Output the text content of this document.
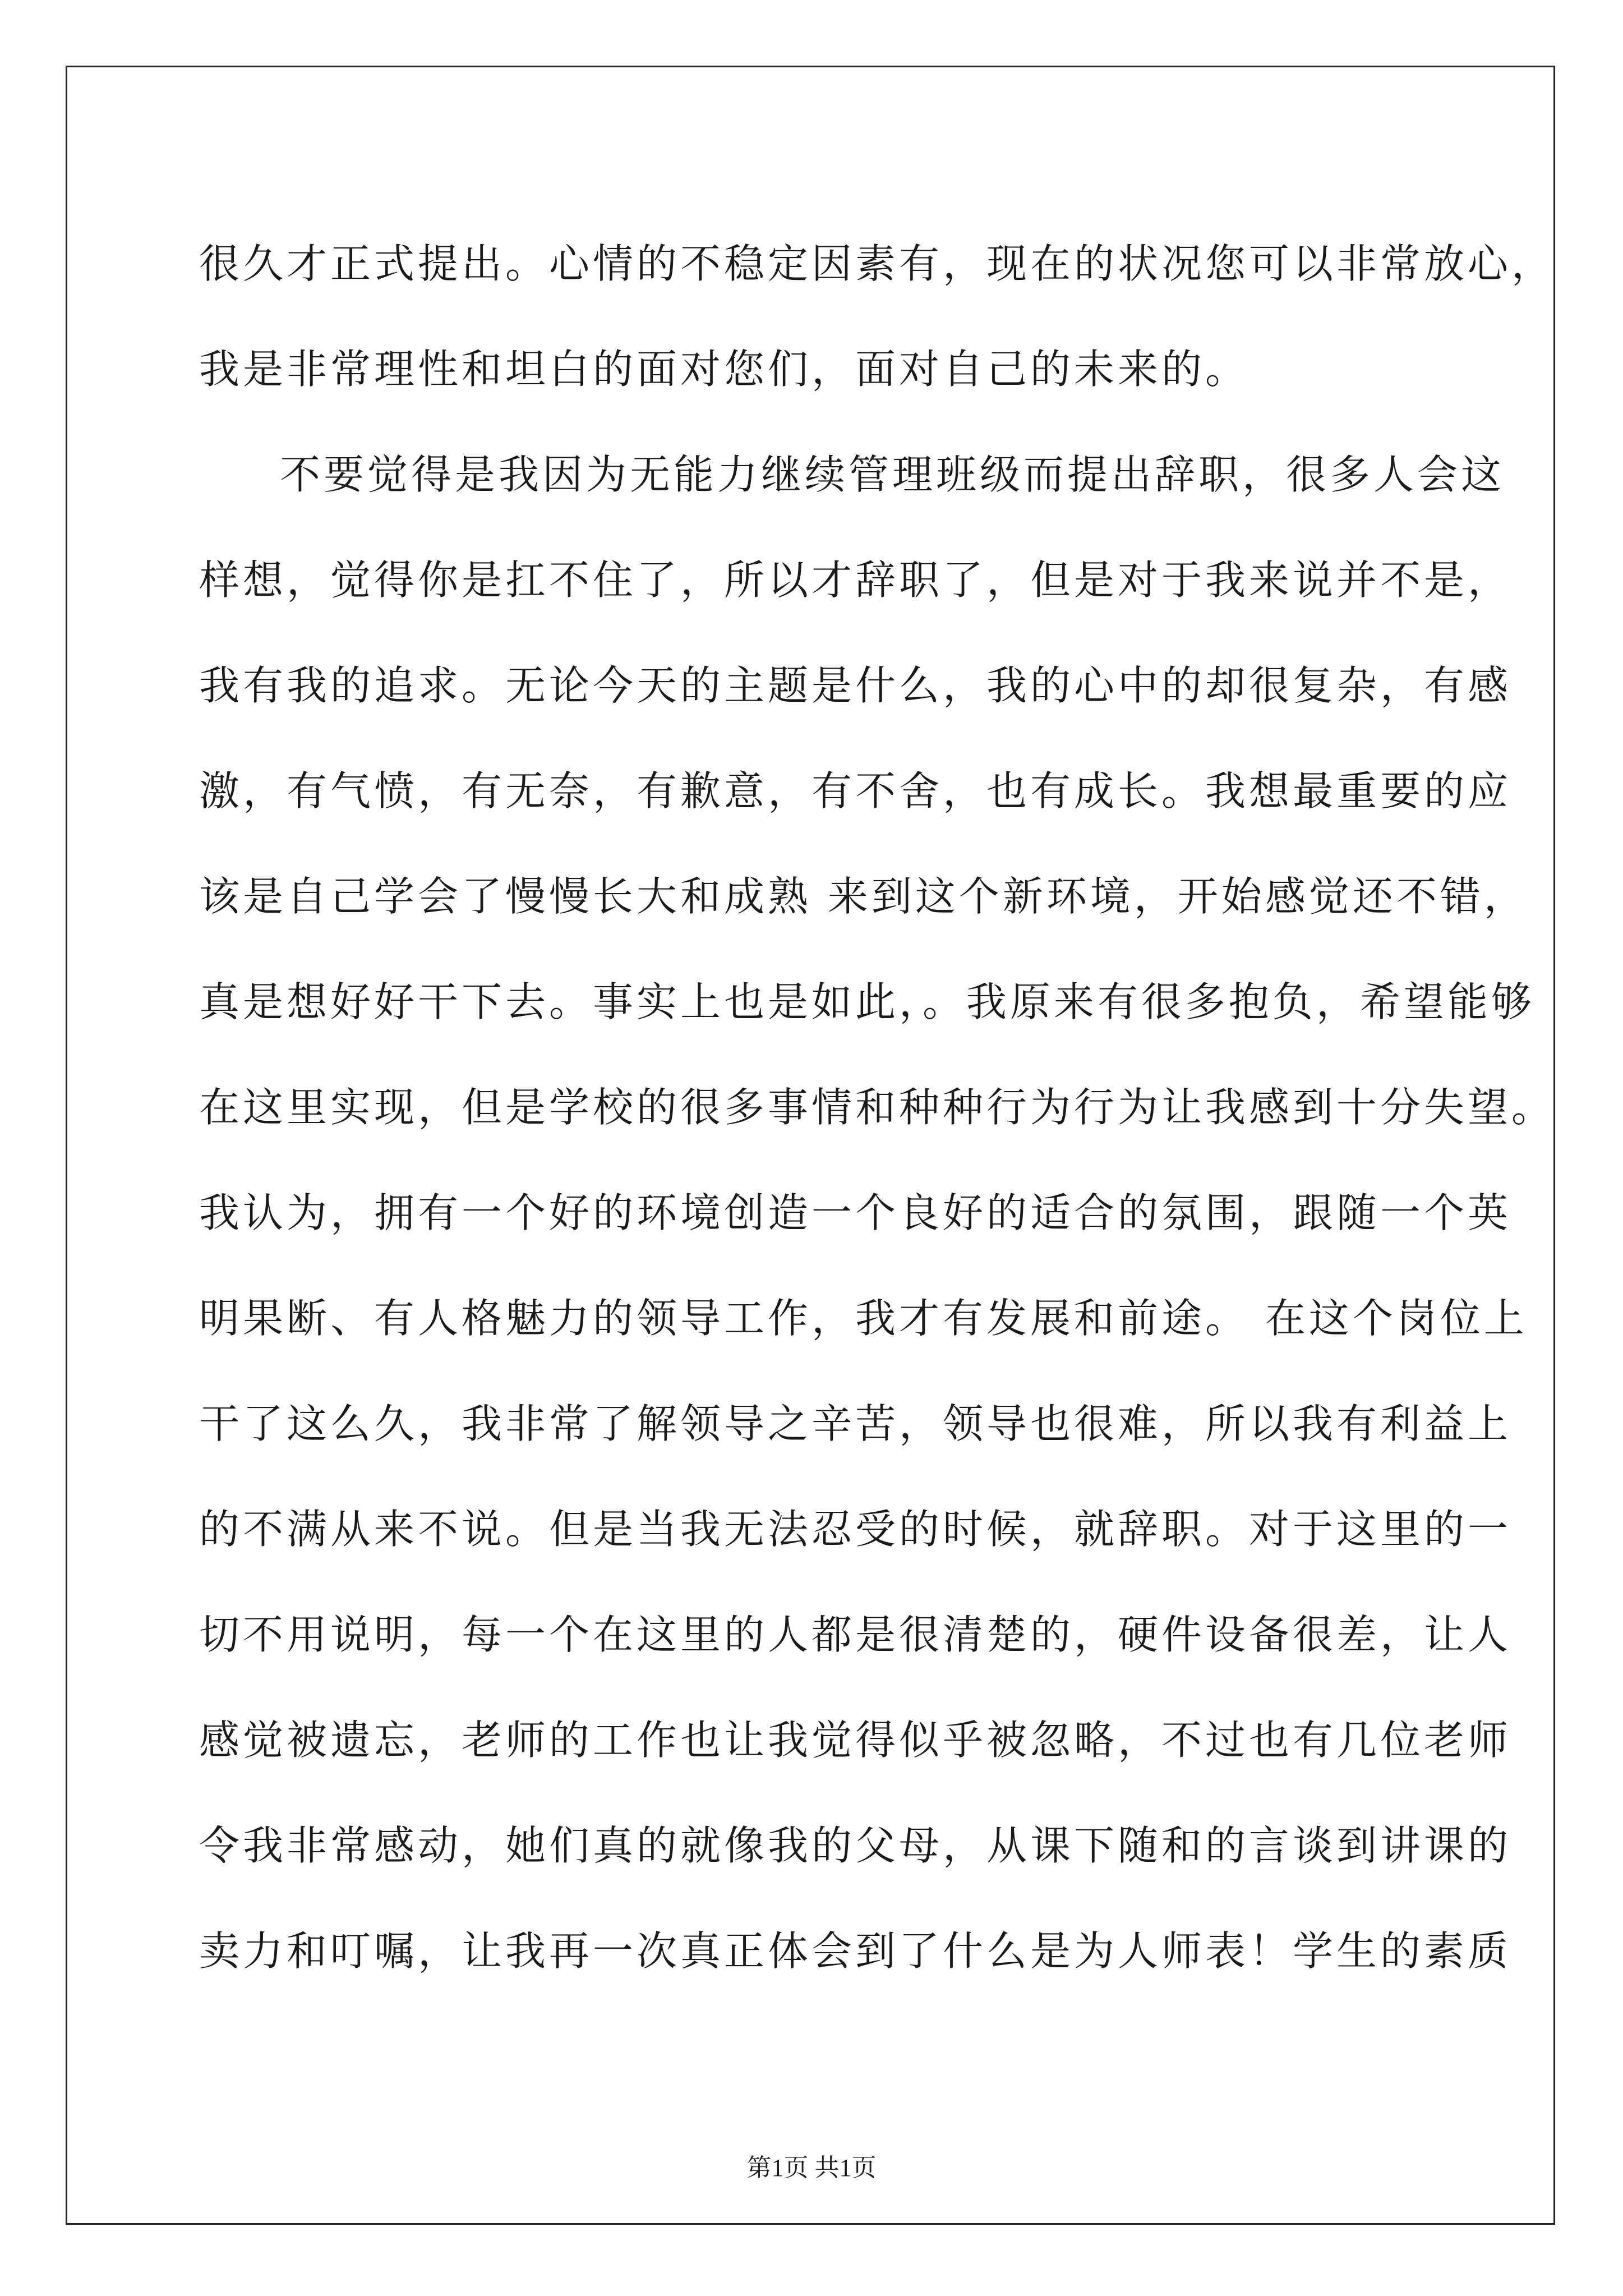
很久才正式提出。心情的不稳定因素有，现在的状况您可以非常放心，
我是非常理性和坦白的面对您们，面对自己的未来的。
不要觉得是我因为无能力继续管理班级而提出辞职，很多人会这
样想，觉得你是扛不住了，所以才辞职了，但是对于我来说并不是，
我有我的追求。无论今天的主题是什么，我的心中的却很复杂，有感
激，有气愤，有无奈，有歉意，有不舍，也有成长。我想最重要的应
该是自己学会了慢慢长大和成熟 来到这个新环境，开始感觉还不错，
真是想好好干下去。事实上也是如此，。我原来有很多抱负，希望能够
在这里实现，但是学校的很多事情和种种行为行为让我感到十分失望。
我认为，拥有一个好的环境创造一个良好的适合的氛围，跟随一个英
明果断、有人格魅力的领导工作，我才有发展和前途。 在这个岗位上
干了这么久，我非常了解领导之辛苦，领导也很难，所以我有利益上
的不满从来不说。但是当我无法忍受的时候，就辞职。对于这里的一
切不用说明，每一个在这里的人都是很清楚的，硬件设备很差，让人
感觉被遗忘，老师的工作也让我觉得似乎被忽略，不过也有几位老师
令我非常感动，她们真的就像我的父母，从课下随和的言谈到讲课的
卖力和叮嘱，让我再一次真正体会到了什么是为人师表！学生的素质
第1页 共1页
